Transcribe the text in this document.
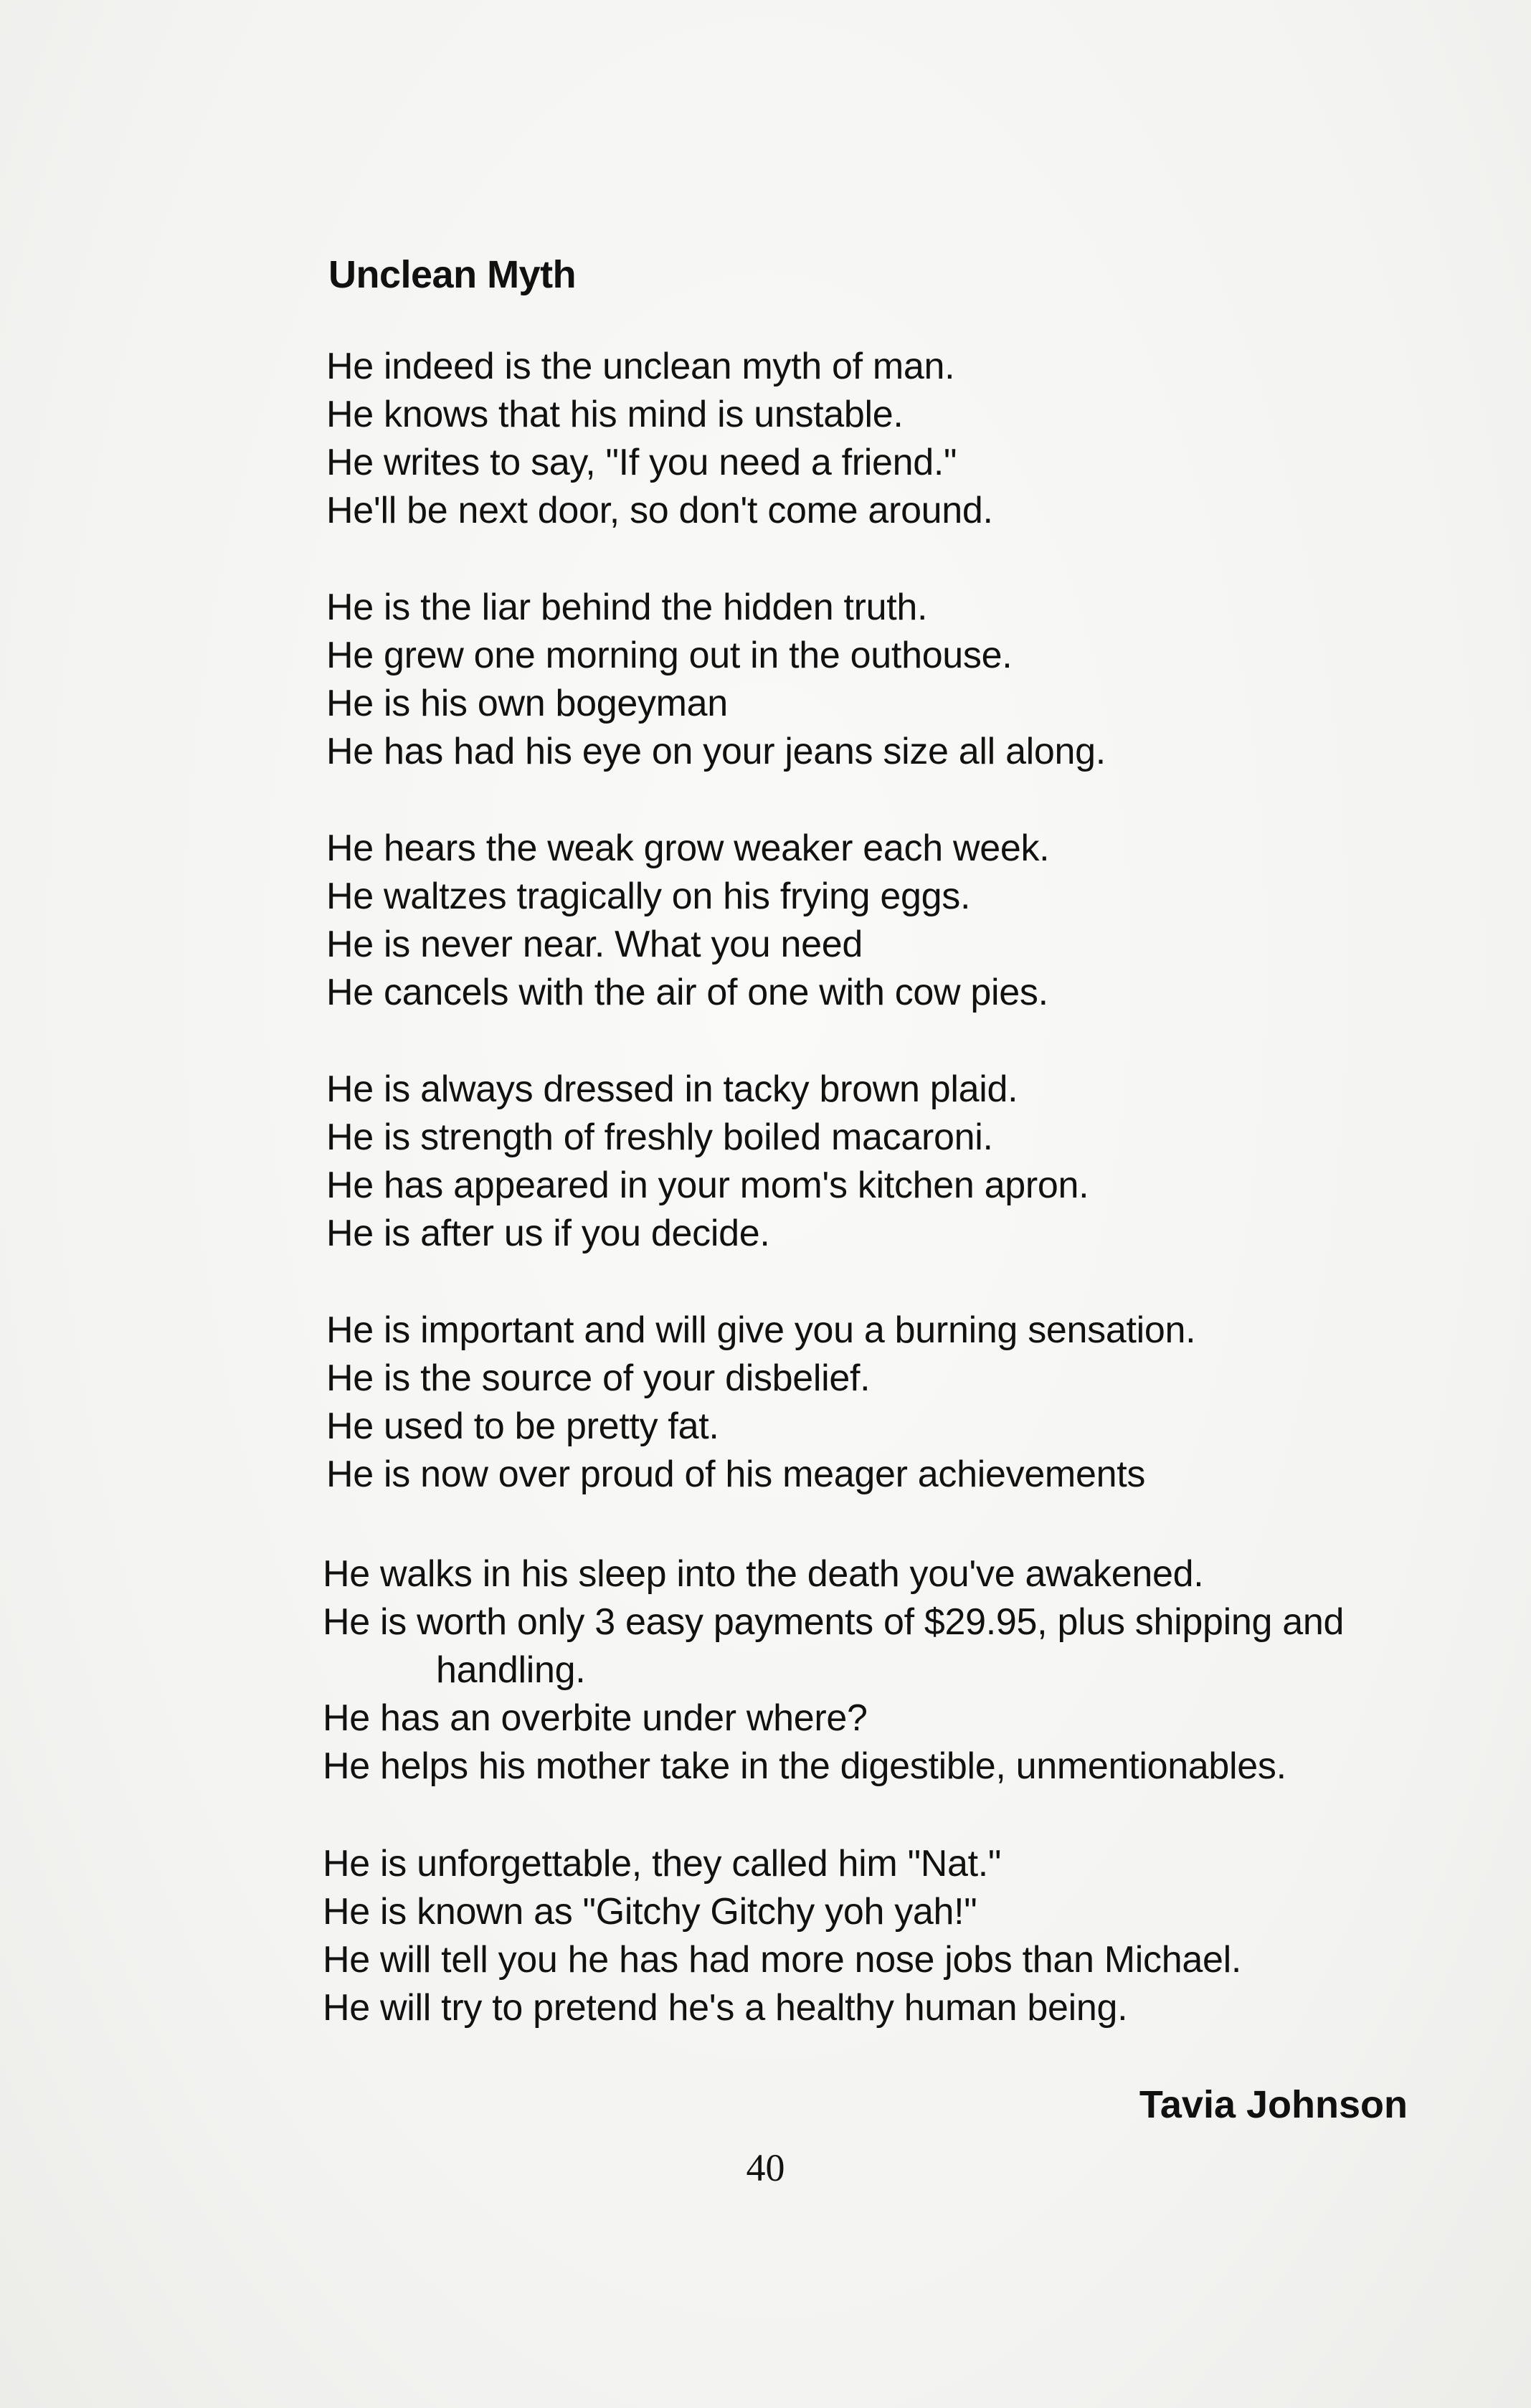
Unclean Myth
He indeed is the unclean myth of man.
He knows that his mind is unstable.
He writes to say, "If you need a friend."
He'll be next door, so don't come around.
He is the liar behind the hidden truth.
He grew one morning out in the outhouse.
He is his own bogeyman
He has had his eye on your jeans size all along.
He hears the weak grow weaker each week.
He waltzes tragically on his frying eggs.
He is never near. What you need
He cancels with the air of one with cow pies.
He is always dressed in tacky brown plaid.
He is strength of freshly boiled macaroni.
He has appeared in your mom's kitchen apron.
He is after us if you decide.
He is important and will give you a burning sensation.
He is the source of your disbelief.
He used to be pretty fat.
He is now over proud of his meager achievements
He walks in his sleep into the death you've awakened.
He is worth only 3 easy payments of $29.95, plus shipping and
handling.
He has an overbite under where?
He helps his mother take in the digestible, unmentionables.
He is unforgettable, they called him "Nat."
He is known as "Gitchy Gitchy yoh yah!"
He will tell you he has had more nose jobs than Michael.
He will try to pretend he's a healthy human being.
Tavia Johnson
40
